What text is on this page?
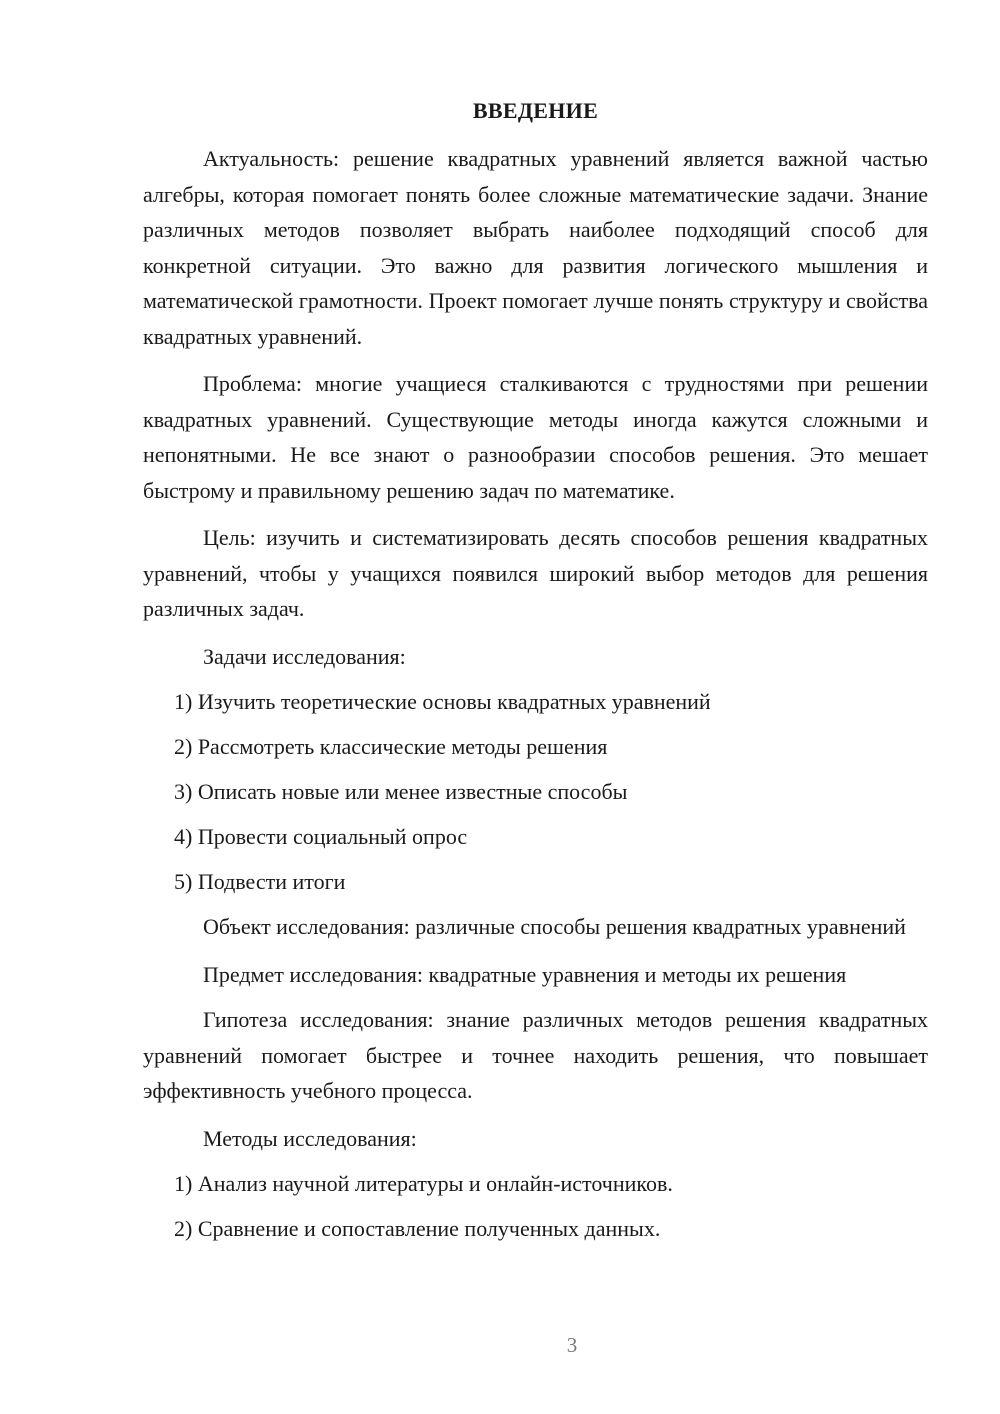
ВВЕДЕНИЕ

Актуальность: решение квадратных уравнений является важной частью алгебры, которая помогает понять более сложные математические задачи. Знание различных методов позволяет выбрать наиболее подходящий способ для конкретной ситуации. Это важно для развития логического мышления и математической грамотности. Проект помогает лучше понять структуру и свойства квадратных уравнений.

Проблема: многие учащиеся сталкиваются с трудностями при решении квадратных уравнений. Существующие методы иногда кажутся сложными и непонятными. Не все знают о разнообразии способов решения. Это мешает быстрому и правильному решению задач по математике.

Цель: изучить и систематизировать десять способов решения квадратных уравнений, чтобы у учащихся появился широкий выбор методов для решения различных задач.

Задачи исследования:

1) Изучить теоретические основы квадратных уравнений
2) Рассмотреть классические методы решения
3) Описать новые или менее известные способы
4) Провести социальный опрос
5) Подвести итоги

Объект исследования: различные способы решения квадратных уравнений

Предмет исследования: квадратные уравнения и методы их решения

Гипотеза исследования: знание различных методов решения квадратных уравнений помогает быстрее и точнее находить решения, что повышает эффективность учебного процесса.

Методы исследования:

1) Анализ научной литературы и онлайн-источников.
2) Сравнение и сопоставление полученных данных.
3
